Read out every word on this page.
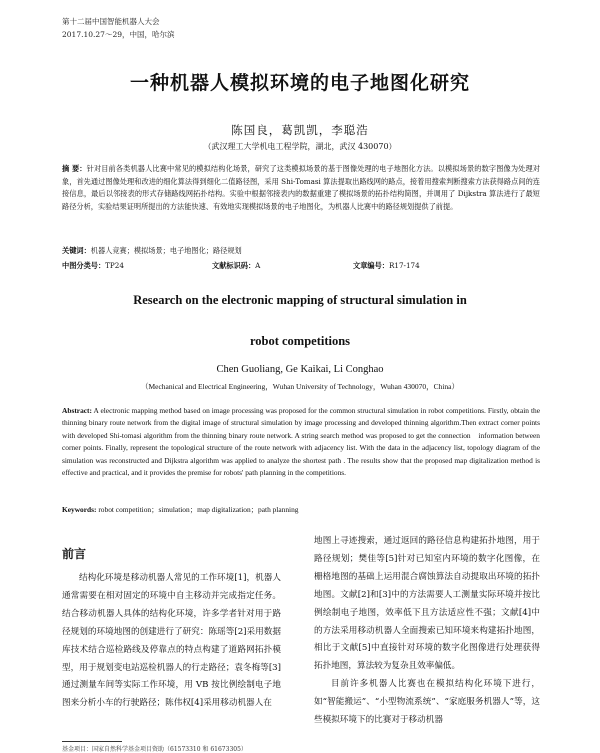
第十二届中国智能机器人大会
2017.10.27～29，中国，哈尔滨
一种机器人模拟环境的电子地图化研究
陈国良，葛凯凯，李聪浩
（武汉理工大学机电工程学院，湖北，武汉 430070）
摘 要：针对目前各类机器人比赛中常见的模拟结构化场景，研究了这类模拟场景的基于图像处理的电子地图化方法。以模拟场景的数字图像为处理对象，首先通过图像处理和改进的细化算法得到细化二值路径图，采用 Shi-Tomasi 算法提取出路线网的路点，接着用搜索判断搜索方法获得路点间的连接信息，最后以邻接表的形式存储路线网拓扑结构。实验中根据邻接表内的数据重建了模拟场景的拓扑结构简图，并调用了 Dijkstra 算法进行了最短路径分析，实验结果证明所提出的方法能快速、有效地实现模拟场景的电子地图化，为机器人比赛中的路径规划提供了前提。
关键词：机器人竞赛；模拟场景；电子地图化；路径规划
中图分类号：TP24	文献标识码：A	文章编号：R17-174
Research on the electronic mapping of structural simulation in
robot competitions
Chen Guoliang, Ge Kaikai, Li Conghao
（Mechanical and Electrical Engineering，Wuhan University of Technology，Wuhan 430070，China）
Abstract: A electronic mapping method based on image processing was proposed for the common structural simulation in robot competitions. Firstly, obtain the thinning binary route network from the digital image of structural simulation by image processing and developed thinning algorithm.Then extract corner points with developed Shi-tomasi algorithm from the thinning binary route network. A string search method was proposed to get the connection　information between corner points. Finally, represent the topological structure of the route network with adjacency list. With the data in the adjacency list, topology diagram of the simulation was reconstructed and Dijkstra algorithm was applied to analyze the shortest path . The results show that the proposed map digitalization method is effective and practical, and it provides the premise for robots' path planning in the competitions.
Keywords: robot competition；simulation；map digitalization；path planning
前言
结构化环境是移动机器人常见的工作环境[1]，机器人通常需要在相对固定的环境中自主移动并完成指定任务。结合移动机器人具体的结构化环境，许多学者针对用于路径规划的环境地图的创建进行了研究：陈瑶等[2]采用数据库技术结合巡检路线及停靠点的特点构建了道路网拓扑模型，用于规划变电站巡检机器人的行走路径；袁冬梅等[3]通过测量车间等实际工作环境，用 VB 按比例绘制电子地图来分析小车的行驶路径；陈伟权[4]采用移动机器人在

地图上寻迹搜索，通过返回的路径信息构建拓扑地图，用于路径规划；樊佳等[5]针对已知室内环境的数字化图像，在栅格地图的基础上运用混合腐蚀算法自动提取出环境的拓扑地图。文献[2]和[3]中的方法需要人工测量实际环境并按比例绘制电子地图，效率低下且方法适应性不强；文献[4]中的方法采用移动机器人全面搜索已知环境来构建拓扑地图，相比于文献[5]中直接针对环境的数字化图像进行处理获得拓扑地图，算法较为复杂且效率偏低。

目前许多机器人比赛也在模拟结构化环境下进行，如“智能搬运”、“小型物流系统”、“家庭服务机器人”等，这些模拟环境下的比赛对于移动机器

基金项目：国家自然科学基金项目资助（61573310 和 61673305）
